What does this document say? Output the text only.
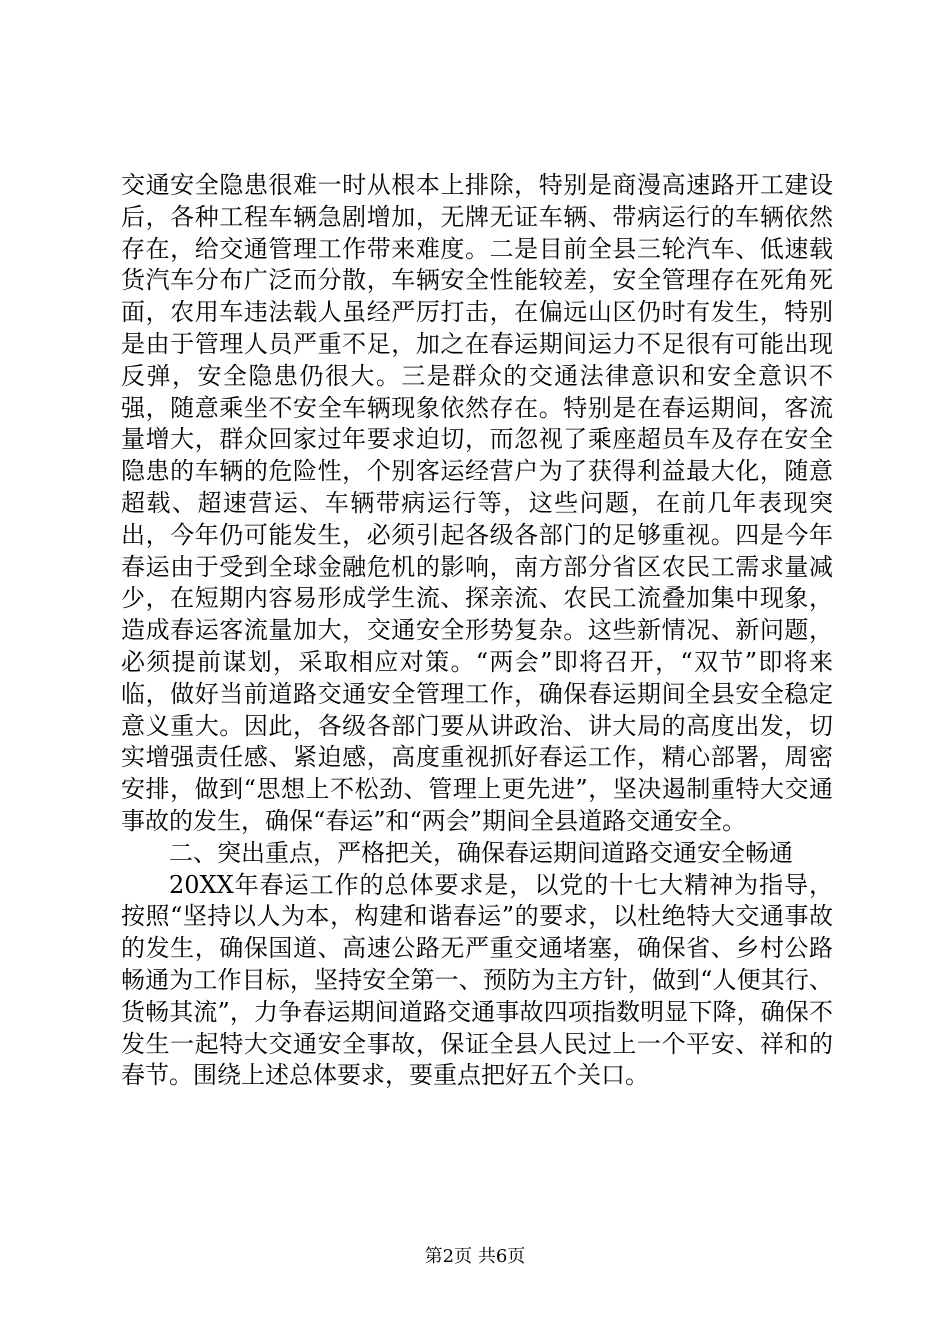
交通安全隐患很难一时从根本上排除，特别是商漫高速路开工建设后，各种工程车辆急剧增加，无牌无证车辆、带病运行的车辆依然存在，给交通管理工作带来难度。二是目前全县三轮汽车、低速载货汽车分布广泛而分散，车辆安全性能较差，安全管理存在死角死面，农用车违法载人虽经严厉打击，在偏远山区仍时有发生，特别是由于管理人员严重不足，加之在春运期间运力不足很有可能出现反弹，安全隐患仍很大。三是群众的交通法律意识和安全意识不强，随意乘坐不安全车辆现象依然存在。特别是在春运期间，客流量增大，群众回家过年要求迫切，而忽视了乘座超员车及存在安全隐患的车辆的危险性，个别客运经营户为了获得利益最大化，随意超载、超速营运、车辆带病运行等，这些问题，在前几年表现突出，今年仍可能发生，必须引起各级各部门的足够重视。四是今年春运由于受到全球金融危机的影响，南方部分省区农民工需求量减少，在短期内容易形成学生流、探亲流、农民工流叠加集中现象，造成春运客流量加大，交通安全形势复杂。这些新情况、新问题，必须提前谋划，采取相应对策。“两会”即将召开，“双节”即将来临，做好当前道路交通安全管理工作，确保春运期间全县安全稳定意义重大。因此，各级各部门要从讲政治、讲大局的高度出发，切实增强责任感、紧迫感，高度重视抓好春运工作，精心部署，周密安排，做到“思想上不松劲、管理上更先进”，坚决遏制重特大交通事故的发生，确保“春运”和“两会”期间全县道路交通安全。

二、突出重点，严格把关，确保春运期间道路交通安全畅通

20XX年春运工作的总体要求是，以党的十七大精神为指导，按照“坚持以人为本，构建和谐春运”的要求，以杜绝特大交通事故的发生，确保国道、高速公路无严重交通堵塞，确保省、乡村公路畅通为工作目标，坚持安全第一、预防为主方针，做到“人便其行、货畅其流”，力争春运期间道路交通事故四项指数明显下降，确保不发生一起特大交通安全事故，保证全县人民过上一个平安、祥和的春节。围绕上述总体要求，要重点把好五个关口。

第2页 共6页
